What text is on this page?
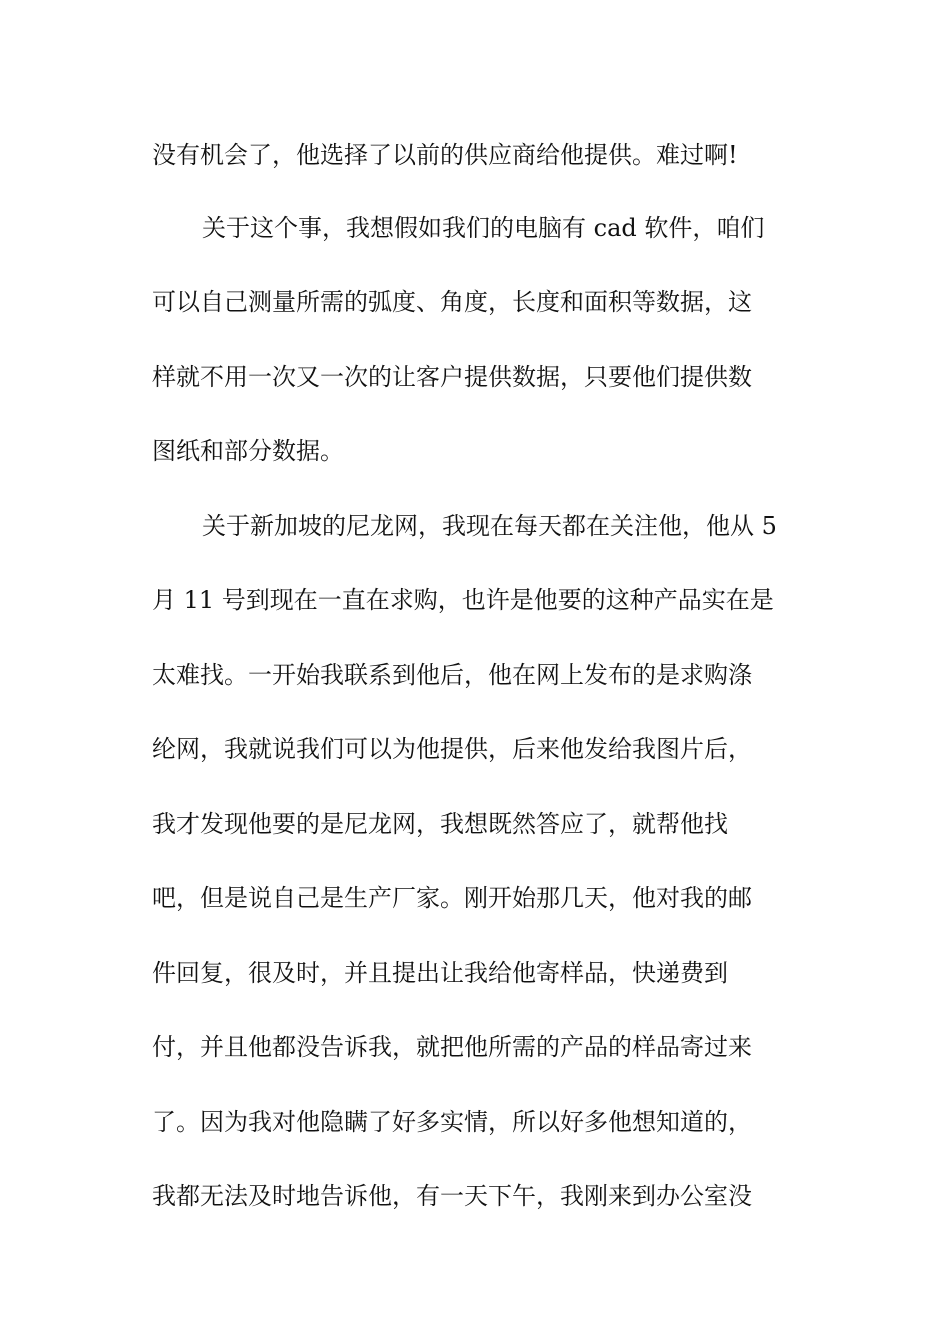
没有机会了，他选择了以前的供应商给他提供。难过啊!

关于这个事，我想假如我们的电脑有 cad 软件，咱们

可以自己测量所需的弧度、角度，长度和面积等数据，这

样就不用一次又一次的让客户提供数据，只要他们提供数

图纸和部分数据。

关于新加坡的尼龙网，我现在每天都在关注他，他从 5

月 11 号到现在一直在求购，也许是他要的这种产品实在是

太难找。一开始我联系到他后，他在网上发布的是求购涤

纶网，我就说我们可以为他提供，后来他发给我图片后，

我才发现他要的是尼龙网，我想既然答应了，就帮他找

吧，但是说自己是生产厂家。刚开始那几天，他对我的邮

件回复，很及时，并且提出让我给他寄样品，快递费到

付，并且他都没告诉我，就把他所需的产品的样品寄过来

了。因为我对他隐瞒了好多实情，所以好多他想知道的，

我都无法及时地告诉他，有一天下午，我刚来到办公室没
